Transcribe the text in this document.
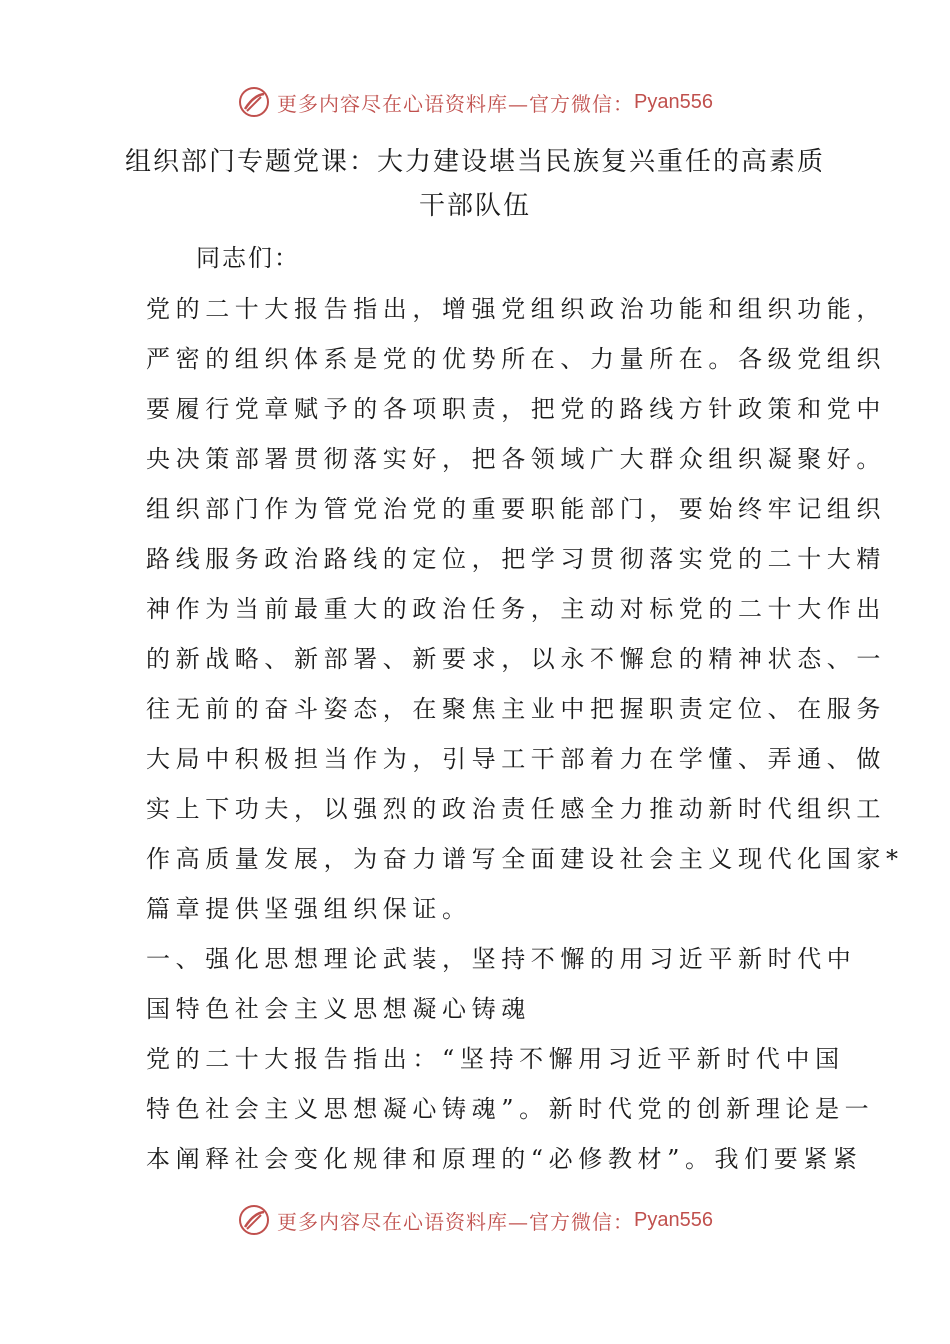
更多内容尽在心语资料库—官方微信： Pyan556
组织部门专题党课：大力建设堪当民族复兴重任的高素质
干部队伍
同志们：
党的二十大报告指出，增强党组织政治功能和组织功能，
严密的组织体系是党的优势所在、力量所在。各级党组织
要履行党章赋予的各项职责，把党的路线方针政策和党中
央决策部署贯彻落实好，把各领域广大群众组织凝聚好。
组织部门作为管党治党的重要职能部门，要始终牢记组织
路线服务政治路线的定位，把学习贯彻落实党的二十大精
神作为当前最重大的政治任务，主动对标党的二十大作出
的新战略、新部署、新要求，以永不懈怠的精神状态、一
往无前的奋斗姿态，在聚焦主业中把握职责定位、在服务
大局中积极担当作为，引导工干部着力在学懂、弄通、做
实上下功夫，以强烈的政治责任感全力推动新时代组织工
作高质量发展，为奋力谱写全面建设社会主义现代化国家*
篇章提供坚强组织保证。
一、强化思想理论武装，坚持不懈的用习近平新时代中
国特色社会主义思想凝心铸魂
党的二十大报告指出：“坚持不懈用习近平新时代中国
特色社会主义思想凝心铸魂”。新时代党的创新理论是一
本阐释社会变化规律和原理的“必修教材”。我们要紧紧
更多内容尽在心语资料库—官方微信： Pyan556
